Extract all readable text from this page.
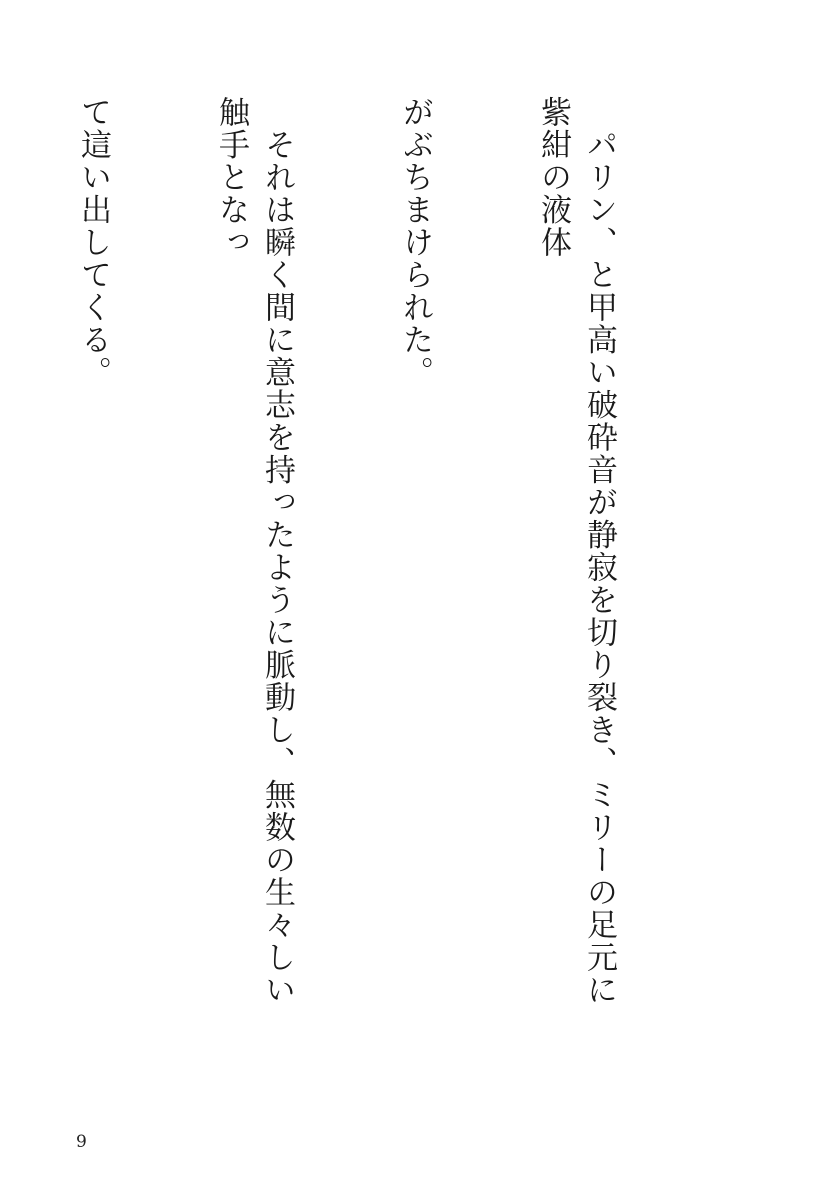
　パリン、と甲高い破砕音が静寂を切り裂き、ミリーの足元に紫紺の液体

がぶちまけられた。

　それは瞬く間に意志を持ったように脈動し、無数の生々しい触手となっ

て這い出してくる。

9
